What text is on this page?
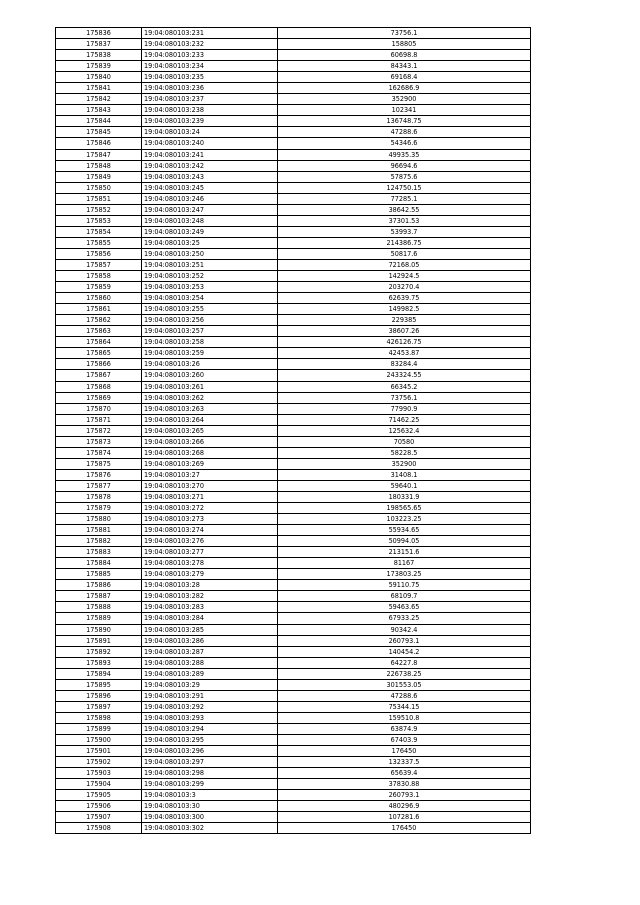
175836	19:04:080103:231	73756.1
175837	19:04:080103:232	158805
175838	19:04:080103:233	60698.8
175839	19:04:080103:234	84343.1
175840	19:04:080103:235	69168.4
175841	19:04:080103:236	162686.9
175842	19:04:080103:237	352900
175843	19:04:080103:238	102341
175844	19:04:080103:239	136748.75
175845	19:04:080103:24	47288.6
175846	19:04:080103:240	54346.6
175847	19:04:080103:241	49935.35
175848	19:04:080103:242	96694.6
175849	19:04:080103:243	57875.6
175850	19:04:080103:245	124750.15
175851	19:04:080103:246	77285.1
175852	19:04:080103:247	38642.55
175853	19:04:080103:248	37301.53
175854	19:04:080103:249	53993.7
175855	19:04:080103:25	214386.75
175856	19:04:080103:250	50817.6
175857	19:04:080103:251	72168.05
175858	19:04:080103:252	142924.5
175859	19:04:080103:253	203270.4
175860	19:04:080103:254	62639.75
175861	19:04:080103:255	149982.5
175862	19:04:080103:256	229385
175863	19:04:080103:257	38607.26
175864	19:04:080103:258	426126.75
175865	19:04:080103:259	42453.87
175866	19:04:080103:26	83284.4
175867	19:04:080103:260	243324.55
175868	19:04:080103:261	66345.2
175869	19:04:080103:262	73756.1
175870	19:04:080103:263	77990.9
175871	19:04:080103:264	71462.25
175872	19:04:080103:265	125632.4
175873	19:04:080103:266	70580
175874	19:04:080103:268	58228.5
175875	19:04:080103:269	352900
175876	19:04:080103:27	31408.1
175877	19:04:080103:270	59640.1
175878	19:04:080103:271	180331.9
175879	19:04:080103:272	198565.65
175880	19:04:080103:273	103223.25
175881	19:04:080103:274	55934.65
175882	19:04:080103:276	50994.05
175883	19:04:080103:277	213151.6
175884	19:04:080103:278	81167
175885	19:04:080103:279	173803.25
175886	19:04:080103:28	59110.75
175887	19:04:080103:282	68109.7
175888	19:04:080103:283	59463.65
175889	19:04:080103:284	67933.25
175890	19:04:080103:285	90342.4
175891	19:04:080103:286	260793.1
175892	19:04:080103:287	140454.2
175893	19:04:080103:288	64227.8
175894	19:04:080103:289	226738.25
175895	19:04:080103:29	301553.05
175896	19:04:080103:291	47288.6
175897	19:04:080103:292	75344.15
175898	19:04:080103:293	159510.8
175899	19:04:080103:294	63874.9
175900	19:04:080103:295	67403.9
175901	19:04:080103:296	176450
175902	19:04:080103:297	132337.5
175903	19:04:080103:298	65639.4
175904	19:04:080103:299	37830.88
175905	19:04:080103:3	260793.1
175906	19:04:080103:30	480296.9
175907	19:04:080103:300	107281.6
175908	19:04:080103:302	176450
